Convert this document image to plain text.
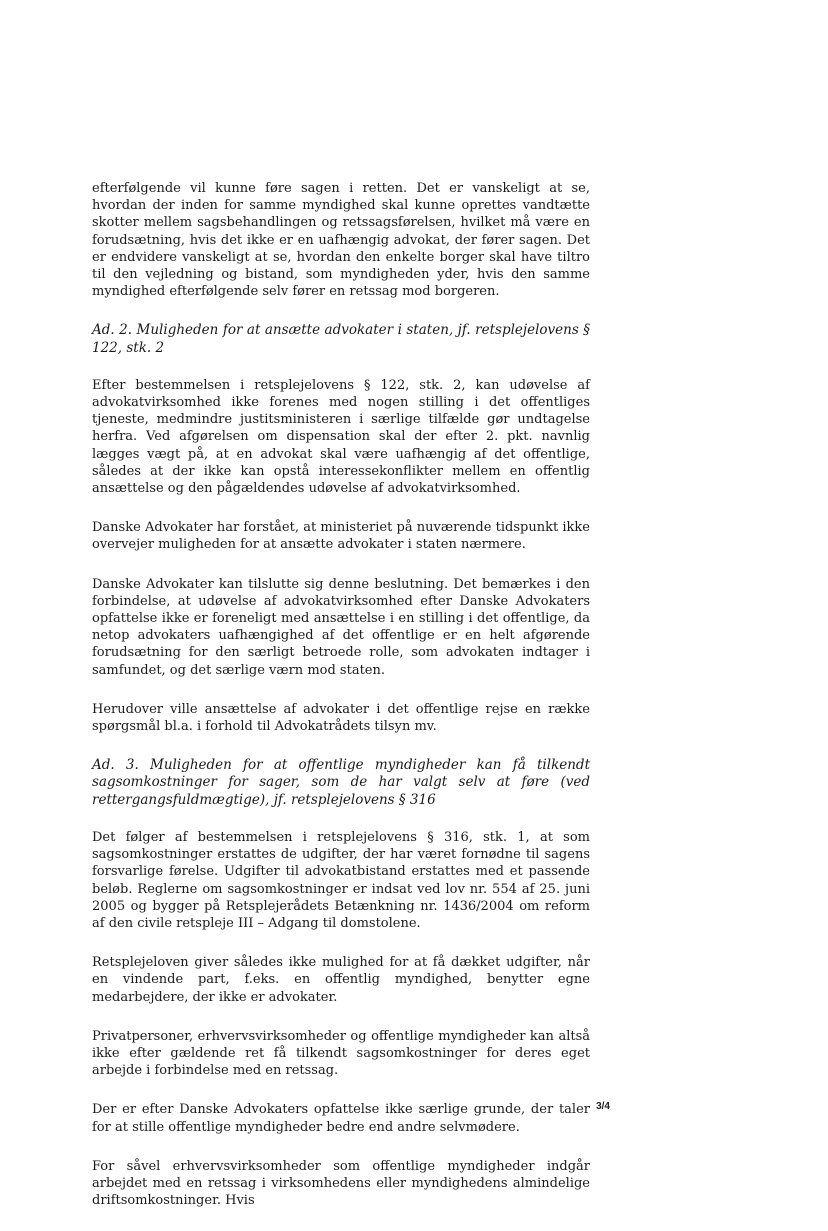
efterfølgende vil kunne føre sagen i retten. Det er vanskeligt at se, hvordan der inden for samme myndighed skal kunne oprettes vandtætte skotter mellem sagsbehandlingen og retssagsførelsen, hvilket må være en forudsætning, hvis det ikke er en uafhængig advokat, der fører sagen. Det er endvidere vanskeligt at se, hvordan den enkelte borger skal have tiltro til den vejledning og bistand, som myndigheden yder, hvis den samme myndighed efterfølgende selv fører en retssag mod borgeren.

Ad. 2. Muligheden for at ansætte advokater i staten, jf. retsplejelovens § 122, stk. 2

Efter bestemmelsen i retsplejelovens § 122, stk. 2, kan udøvelse af advokatvirksomhed ikke forenes med nogen stilling i det offentliges tjeneste, medmindre justitsministeren i særlige tilfælde gør undtagelse herfra. Ved afgørelsen om dispensation skal der efter 2. pkt. navnlig lægges vægt på, at en advokat skal være uafhængig af det offentlige, således at der ikke kan opstå interessekonflikter mellem en offentlig ansættelse og den pågældendes udøvelse af advokatvirksomhed.

Danske Advokater har forstået, at ministeriet på nuværende tidspunkt ikke overvejer muligheden for at ansætte advokater i staten nærmere.

Danske Advokater kan tilslutte sig denne beslutning. Det bemærkes i den forbindelse, at udøvelse af advokatvirksomhed efter Danske Advokaters opfattelse ikke er foreneligt med ansættelse i en stilling i det offentlige, da netop advokaters uafhængighed af det offentlige er en helt afgørende forudsætning for den særligt betroede rolle, som advokaten indtager i samfundet, og det særlige værn mod staten.

Herudover ville ansættelse af advokater i det offentlige rejse en række spørgsmål bl.a. i forhold til Advokatrådets tilsyn mv.

Ad. 3. Muligheden for at offentlige myndigheder kan få tilkendt sagsomkostninger for sager, som de har valgt selv at føre (ved rettergangsfuldmægtige), jf. retsplejelovens § 316

Det følger af bestemmelsen i retsplejelovens § 316, stk. 1, at som sagsomkostninger erstattes de udgifter, der har været fornødne til sagens forsvarlige førelse. Udgifter til advokatbistand erstattes med et passende beløb. Reglerne om sagsomkostninger er indsat ved lov nr. 554 af 25. juni 2005 og bygger på Retsplejerådets Betænkning nr. 1436/2004 om reform af den civile retspleje III – Adgang til domstolene.

Retsplejeloven giver således ikke mulighed for at få dækket udgifter, når en vindende part, f.eks. en offentlig myndighed, benytter egne medarbejdere, der ikke er advokater.

Privatpersoner, erhvervsvirksomheder og offentlige myndigheder kan altså ikke efter gældende ret få tilkendt sagsomkostninger for deres eget arbejde i forbindelse med en retssag.

Der er efter Danske Advokaters opfattelse ikke særlige grunde, der taler for at stille offentlige myndigheder bedre end andre selvmødere.

For såvel erhvervsvirksomheder som offentlige myndigheder indgår arbejdet med en retssag i virksomhedens eller myndighedens almindelige driftsomkostninger. Hvis

3/4
